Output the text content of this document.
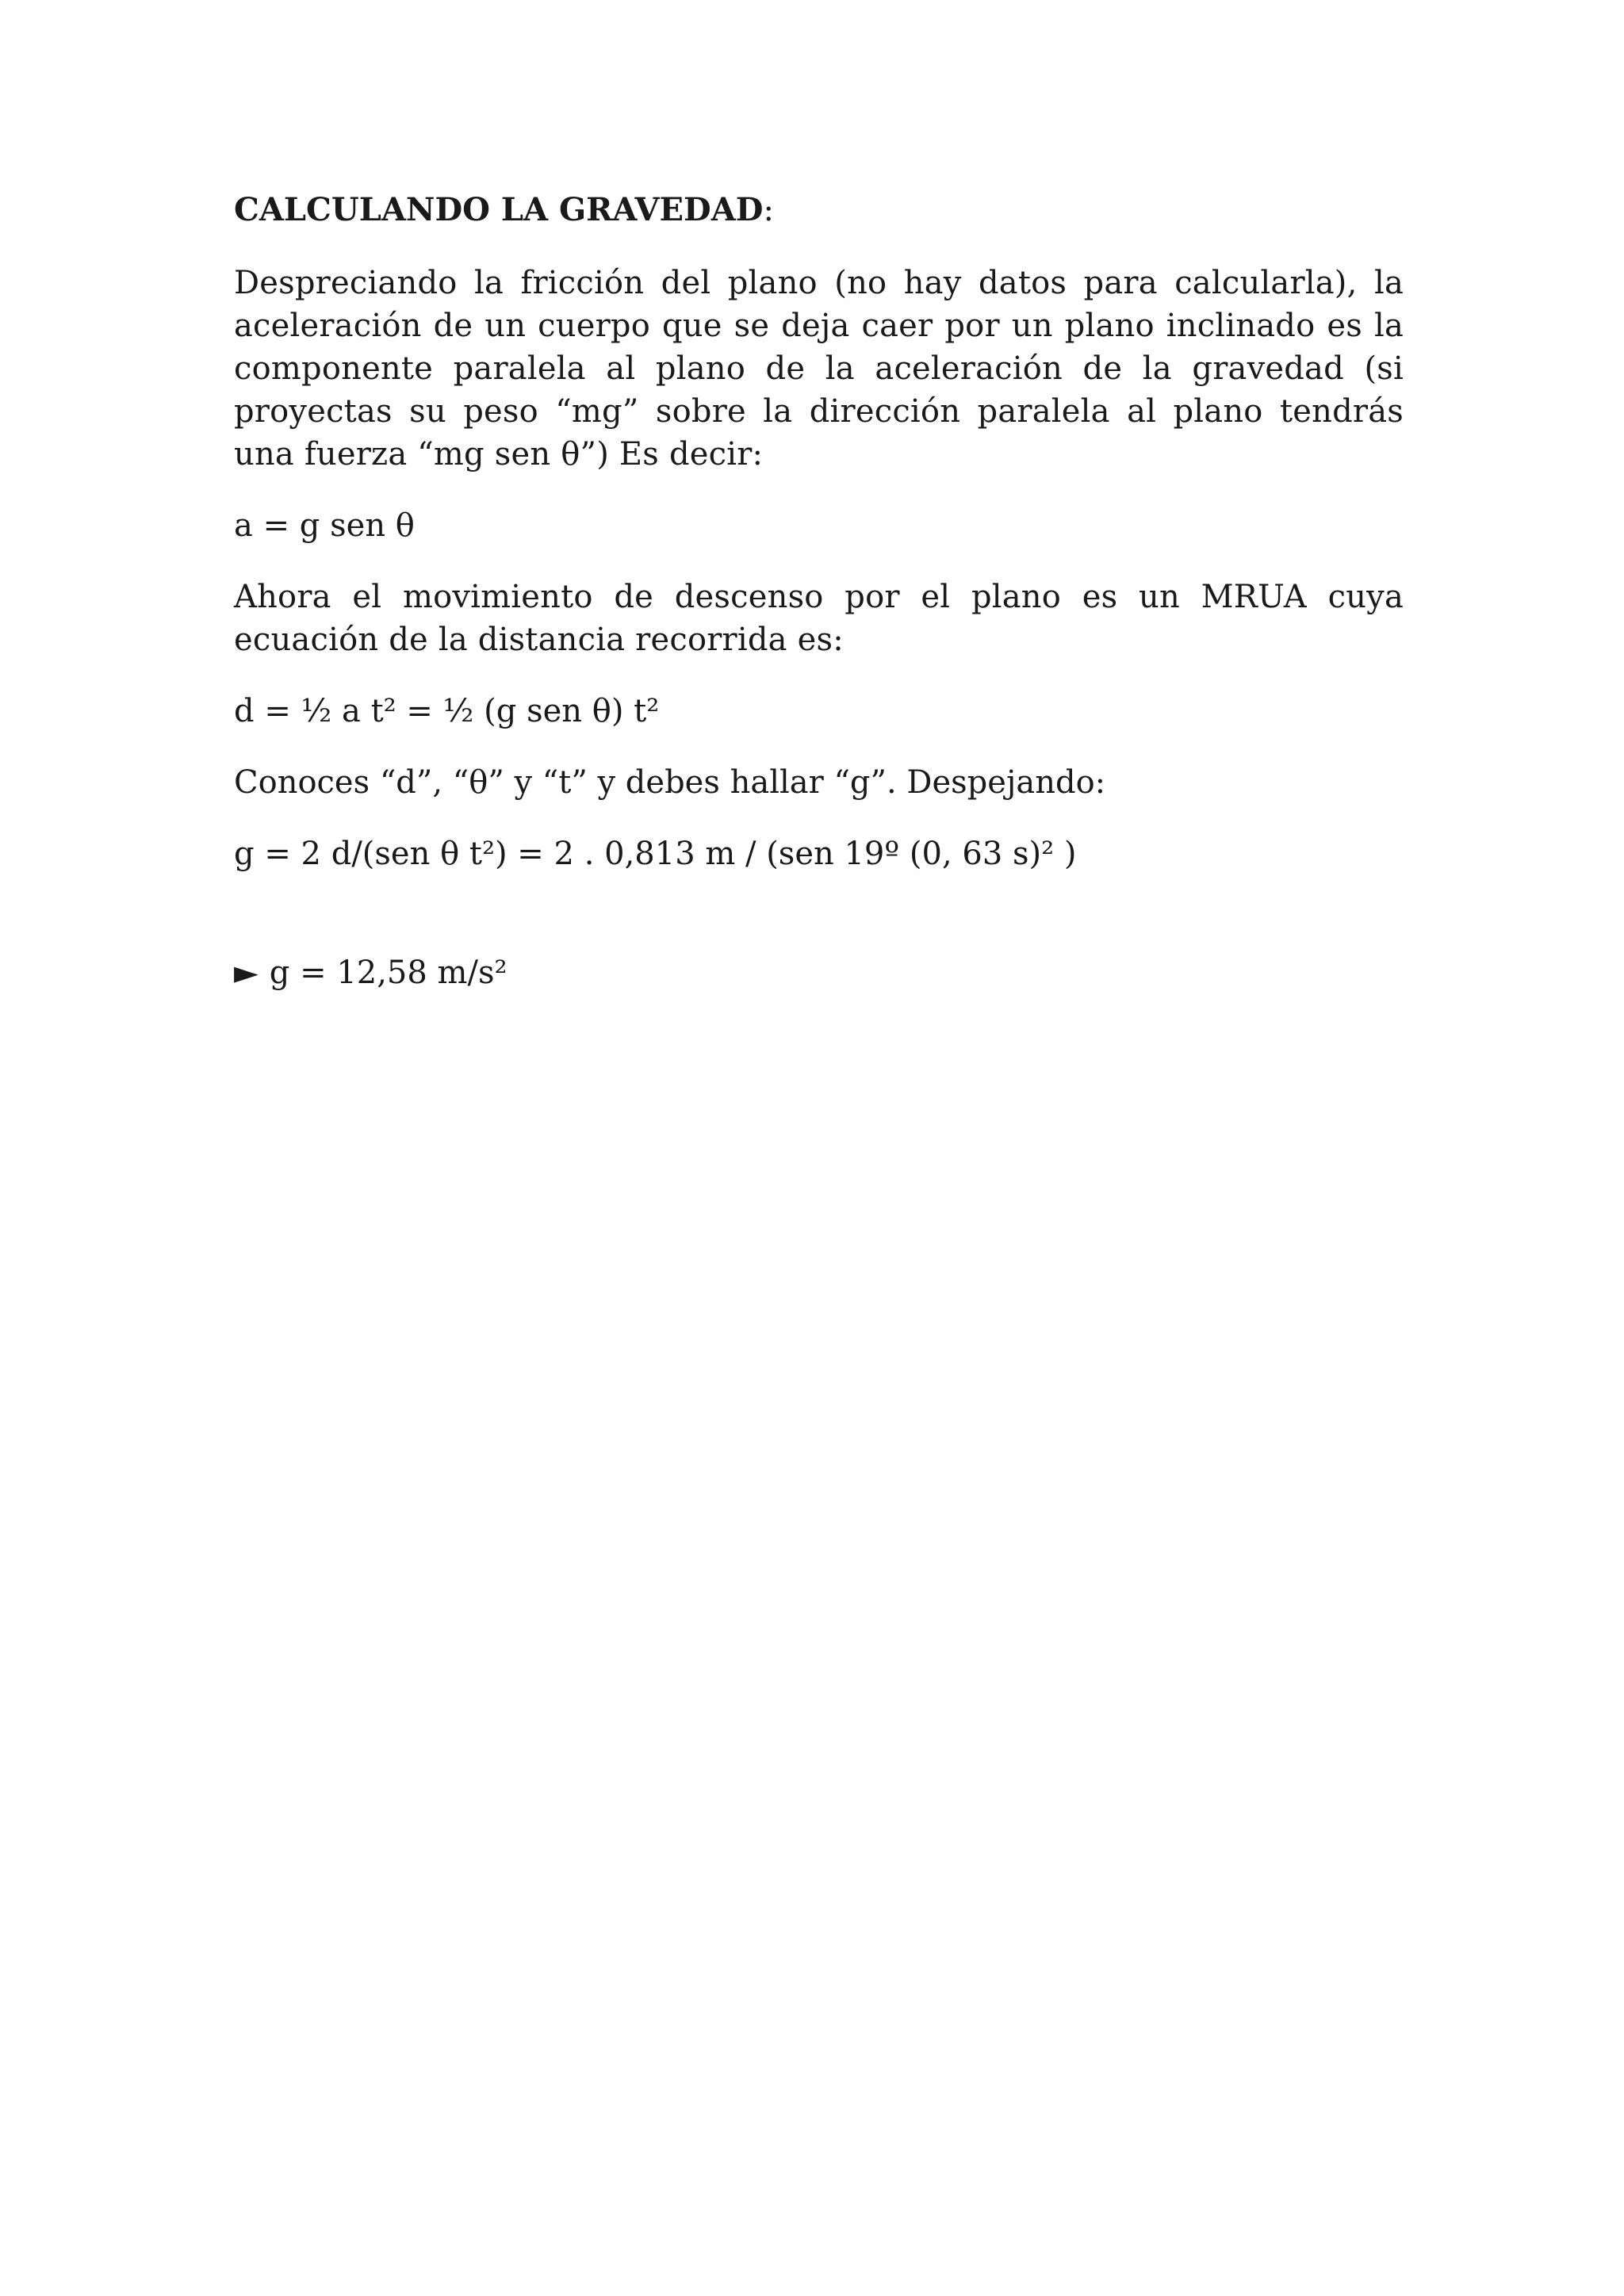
CALCULANDO LA GRAVEDAD:

Despreciando la fricción del plano (no hay datos para calcularla), la aceleración de un cuerpo que se deja caer por un plano inclinado es la componente paralela al plano de la aceleración de la gravedad (si proyectas su peso “mg” sobre la dirección paralela al plano tendrás una fuerza “mg sen θ”) Es decir:

a = g sen θ

Ahora el movimiento de descenso por el plano es un MRUA cuya ecuación de la distancia recorrida es:

d = ½ a t² = ½ (g sen θ) t²

Conoces “d”, “θ” y “t” y debes hallar “g”. Despejando:

g = 2 d/(sen θ t²) = 2 . 0,813 m / (sen 19º (0, 63 s)² )

► g = 12,58 m/s²
